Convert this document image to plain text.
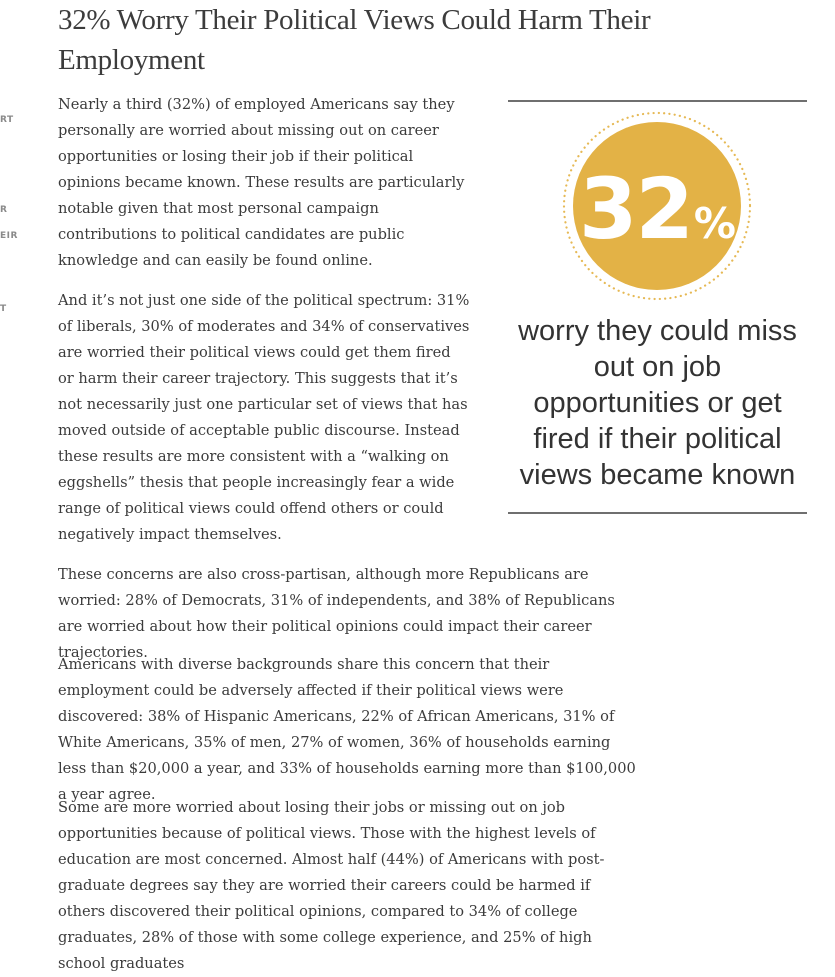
RT
R
EIR
T
32% Worry Their Political Views Could Harm Their Employment

Nearly a third (32%) of employed Americans say they personally are worried about missing out on career opportunities or losing their job if their political opinions became known. These results are particularly notable given that most personal campaign contributions to political candidates are public knowledge and can easily be found online.

And it’s not just one side of the political spectrum: 31% of liberals, 30% of moderates and 34% of conservatives are worried their political views could get them fired or harm their career trajectory. This suggests that it’s not necessarily just one particular set of views that has moved outside of acceptable public discourse. Instead these results are more consistent with a “walking on eggshells” thesis that people increasingly fear a wide range of political views could offend others or could negatively impact themselves.

These concerns are also cross-partisan, although more Republicans are worried: 28% of Democrats, 31% of independents, and 38% of Republicans are worried about how their political opinions could impact their career trajectories.

Americans with diverse backgrounds share this concern that their employment could be adversely affected if their political views were discovered: 38% of Hispanic Americans, 22% of African Americans, 31% of White Americans, 35% of men, 27% of women, 36% of households earning less than $20,000 a year, and 33% of households earning more than $100,000 a year agree.

Some are more worried about losing their jobs or missing out on job opportunities because of political views. Those with the highest levels of education are most concerned. Almost half (44%) of Americans with post-graduate degrees say they are worried their careers could be harmed if others discovered their political opinions, compared to 34% of college graduates, 28% of those with some college experience, and 25% of high school graduates

32%
worry they could miss out on job opportunities or get fired if their political views became known
